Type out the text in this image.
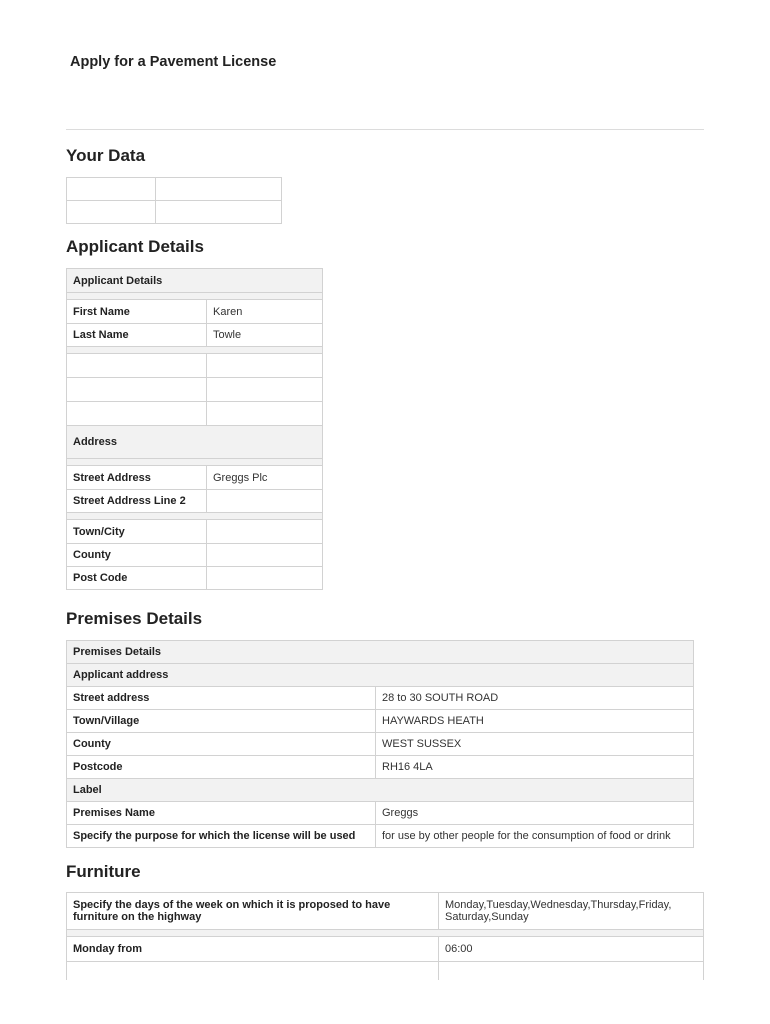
Apply for a Pavement License
Your Data

Applicant Details
Applicant Details	

First Name	Karen
Last Name	Towle

Address	

Street Address	Greggs Plc
Street Address Line 2	

Town/City	
County	
Post Code	
Premises Details
Premises Details	
Applicant address	
Street address	28 to 30 SOUTH ROAD
Town/Village	HAYWARDS HEATH
County	WEST SUSSEX
Postcode	RH16 4LA
Label	
Premises Name	Greggs
Specify the purpose for which the license will be used	for use by other people for the consumption of food or drink
Furniture
Specify the days of the week on which it is proposed to have furniture on the highway	Monday,Tuesday,Wednesday,Thursday,Friday, Saturday,Sunday

Monday from	06:00
